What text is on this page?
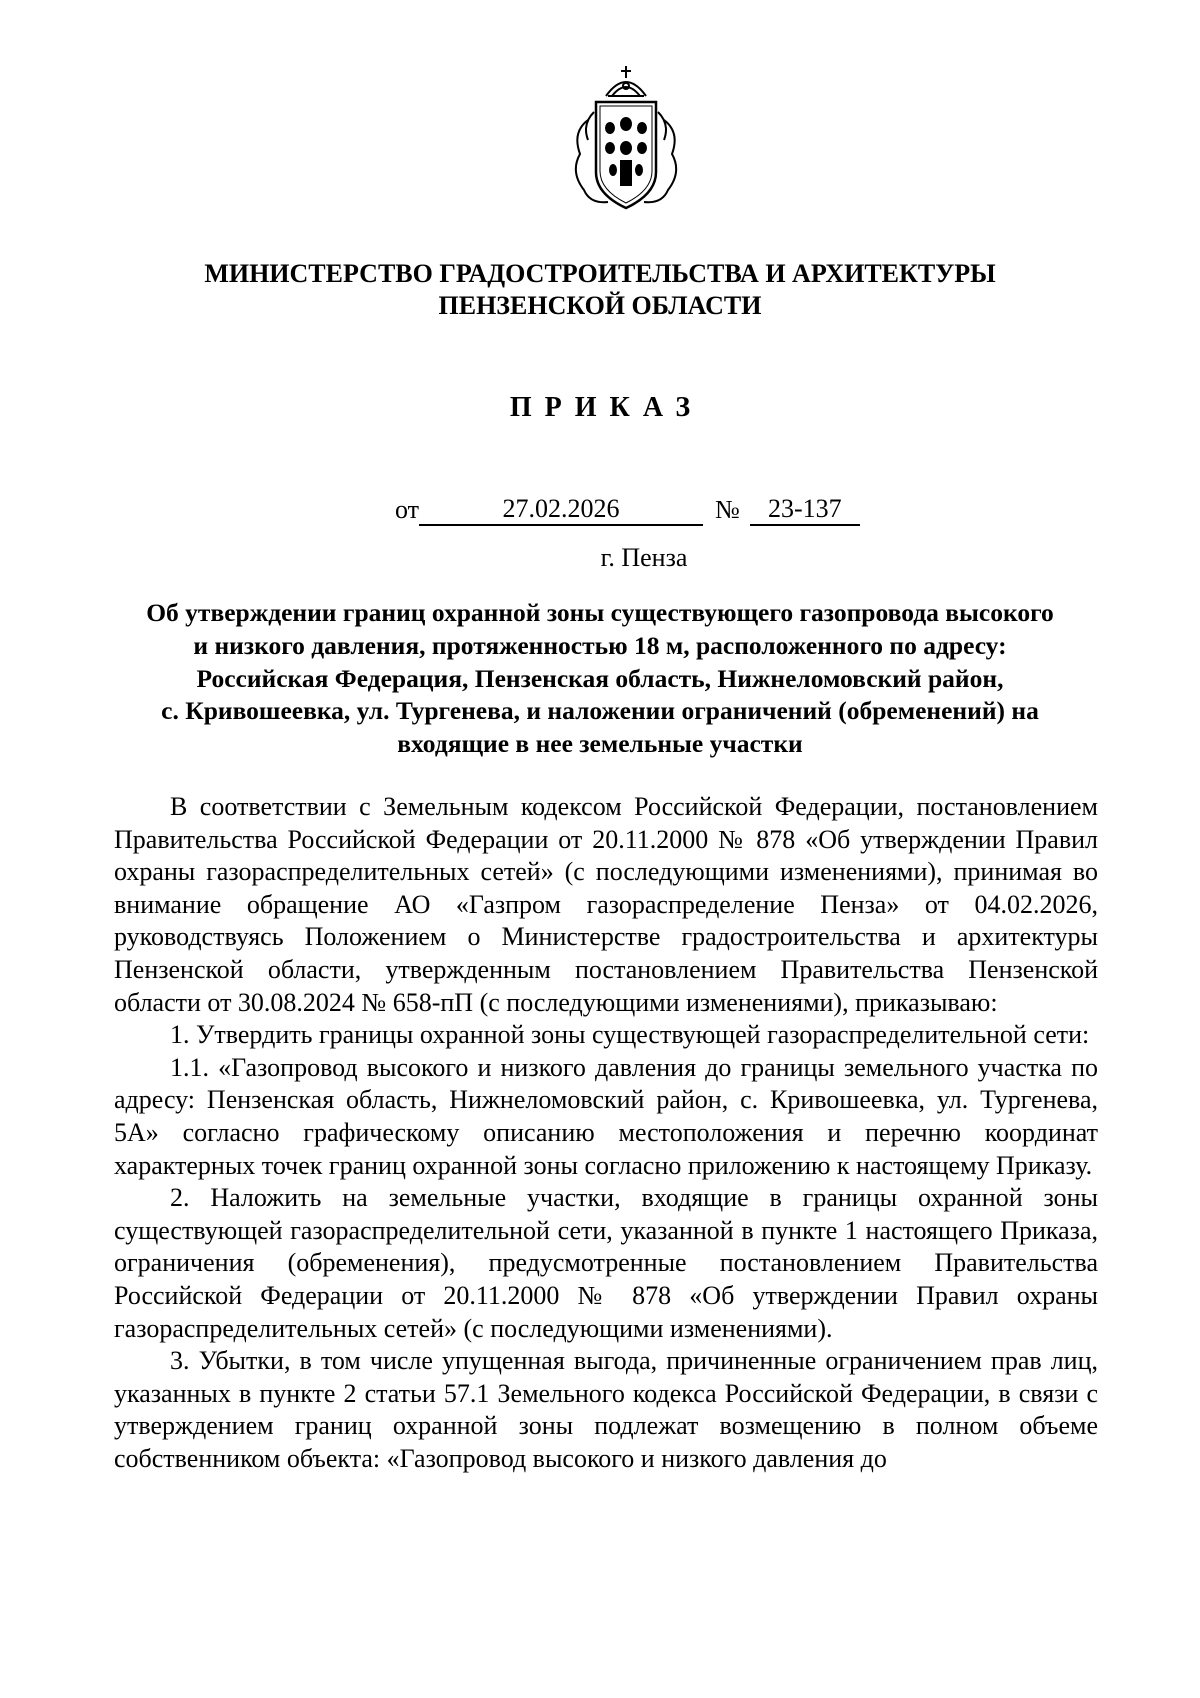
МИНИСТЕРСТВО ГРАДОСТРОИТЕЛЬСТВА И АРХИТЕКТУРЫ
ПЕНЗЕНСКОЙ ОБЛАСТИ
ПРИКАЗ
от	27.02.2026	№ 23-137
г. Пенза
Об утверждении границ охранной зоны существующего газопровода высокого
и низкого давления, протяженностью 18 м, расположенного по адресу:
Российская Федерация, Пензенская область, Нижнеломовский район,
с. Кривошеевка, ул. Тургенева, и наложении ограничений (обременений) на
входящие в нее земельные участки

В соответствии с Земельным кодексом Российской Федерации, постановлением Правительства Российской Федерации от 20.11.2000 № 878 «Об утверждении Правил охраны газораспределительных сетей» (с последующими изменениями), принимая во внимание обращение АО «Газпром газораспределение Пенза» от 04.02.2026, руководствуясь Положением о Министерстве градостроительства и архитектуры Пензенской области, утвержденным постановлением Правительства Пензенской области от 30.08.2024 № 658-пП (с последующими изменениями), приказываю:

1. Утвердить границы охранной зоны существующей газораспределительной сети:

1.1. «Газопровод высокого и низкого давления до границы земельного участка по адресу: Пензенская область, Нижнеломовский район, с. Кривошеевка, ул. Тургенева, 5А» согласно графическому описанию местоположения и перечню координат характерных точек границ охранной зоны согласно приложению к настоящему Приказу.

2. Наложить на земельные участки, входящие в границы охранной зоны существующей газораспределительной сети, указанной в пункте 1 настоящего Приказа, ограничения (обременения), предусмотренные постановлением Правительства Российской Федерации от 20.11.2000 № 878 «Об утверждении Правил охраны газораспределительных сетей» (с последующими изменениями).

3. Убытки, в том числе упущенная выгода, причиненные ограничением прав лиц, указанных в пункте 2 статьи 57.1 Земельного кодекса Российской Федерации, в связи с утверждением границ охранной зоны подлежат возмещению в полном объеме собственником объекта: «Газопровод высокого и низкого давления до
